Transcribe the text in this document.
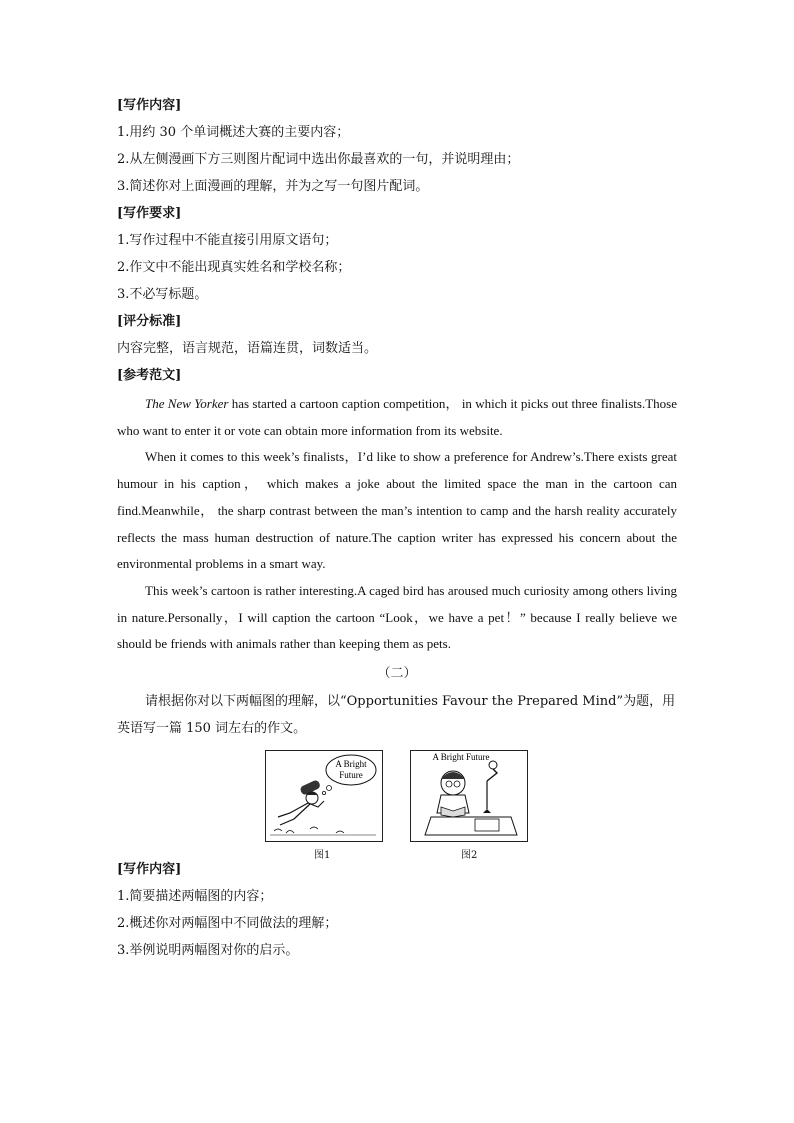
[写作内容]
1.用约 30 个单词概述大赛的主要内容；
2.从左侧漫画下方三则图片配词中选出你最喜欢的一句，并说明理由；
3.简述你对上面漫画的理解，并为之写一句图片配词。
[写作要求]
1.写作过程中不能直接引用原文语句；
2.作文中不能出现真实姓名和学校名称；
3.不必写标题。
[评分标准]
内容完整，语言规范，语篇连贯，词数适当。
[参考范文]

The New Yorker has started a cartoon caption competition， in which it picks out three finalists.Those who want to enter it or vote can obtain more information from its website.

When it comes to this week’s finalists，I’d like to show a preference for Andrew’s.There exists great humour in his caption， which makes a joke about the limited space the man in the cartoon can find.Meanwhile， the sharp contrast between the man’s intention to camp and the harsh reality accurately reflects the mass human destruction of nature.The caption writer has expressed his concern about the environmental problems in a smart way.

This week’s cartoon is rather interesting.A caged bird has aroused much curiosity among others living in nature.Personally，I will caption the cartoon “Look，we have a pet！” because I really believe we should be friends with animals rather than keeping them as pets.

（二）

请根据你对以下两幅图的理解，以“Opportunities Favour the Prepared Mind”为题，用英语写一篇 150 词左右的作文。

A Bright
Future
A Bright Future
图1	图2
[写作内容]
1.简要描述两幅图的内容；
2.概述你对两幅图中不同做法的理解；
3.举例说明两幅图对你的启示。
